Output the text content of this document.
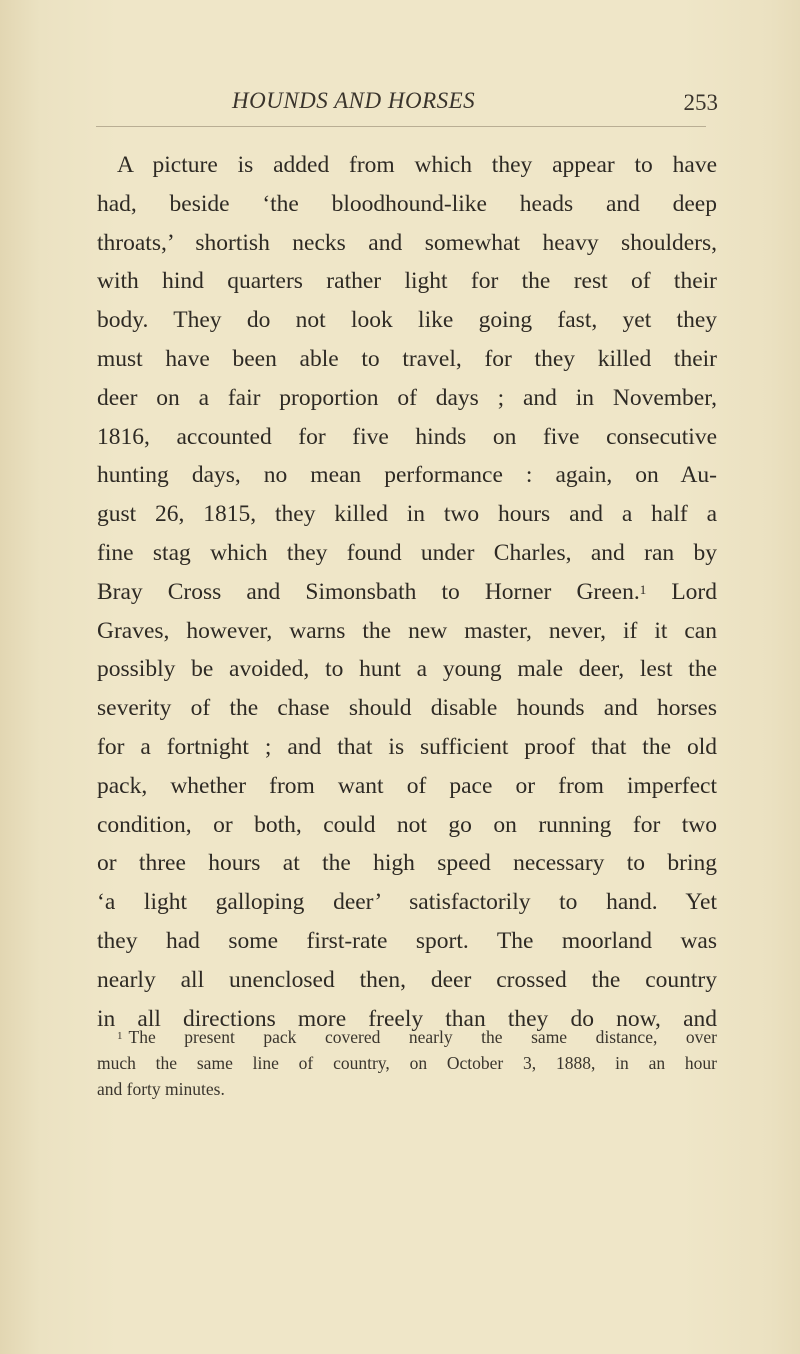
HOUNDS AND HORSES	253
A picture is added from which they appear to have
had, beside ‘the bloodhound-like heads and deep
throats,’ shortish necks and somewhat heavy shoulders,
with hind quarters rather light for the rest of their
body. They do not look like going fast, yet they
must have been able to travel, for they killed their
deer on a fair proportion of days ; and in November,
1816, accounted for five hinds on five consecutive
hunting days, no mean performance : again, on Au-
gust 26, 1815, they killed in two hours and a half a
fine stag which they found under Charles, and ran by
Bray Cross and Simonsbath to Horner Green.$^1$ Lord
Graves, however, warns the new master, never, if it can
possibly be avoided, to hunt a young male deer, lest the
severity of the chase should disable hounds and horses
for a fortnight ; and that is sufficient proof that the old
pack, whether from want of pace or from imperfect
condition, or both, could not go on running for two
or three hours at the high speed necessary to bring
‘a light galloping deer’ satisfactorily to hand. Yet
they had some first-rate sport. The moorland was
nearly all unenclosed then, deer crossed the country
in all directions more freely than they do now, and
$^1$ The present pack covered nearly the same distance, over
much the same line of country, on October 3, 1888, in an hour
and forty minutes.
